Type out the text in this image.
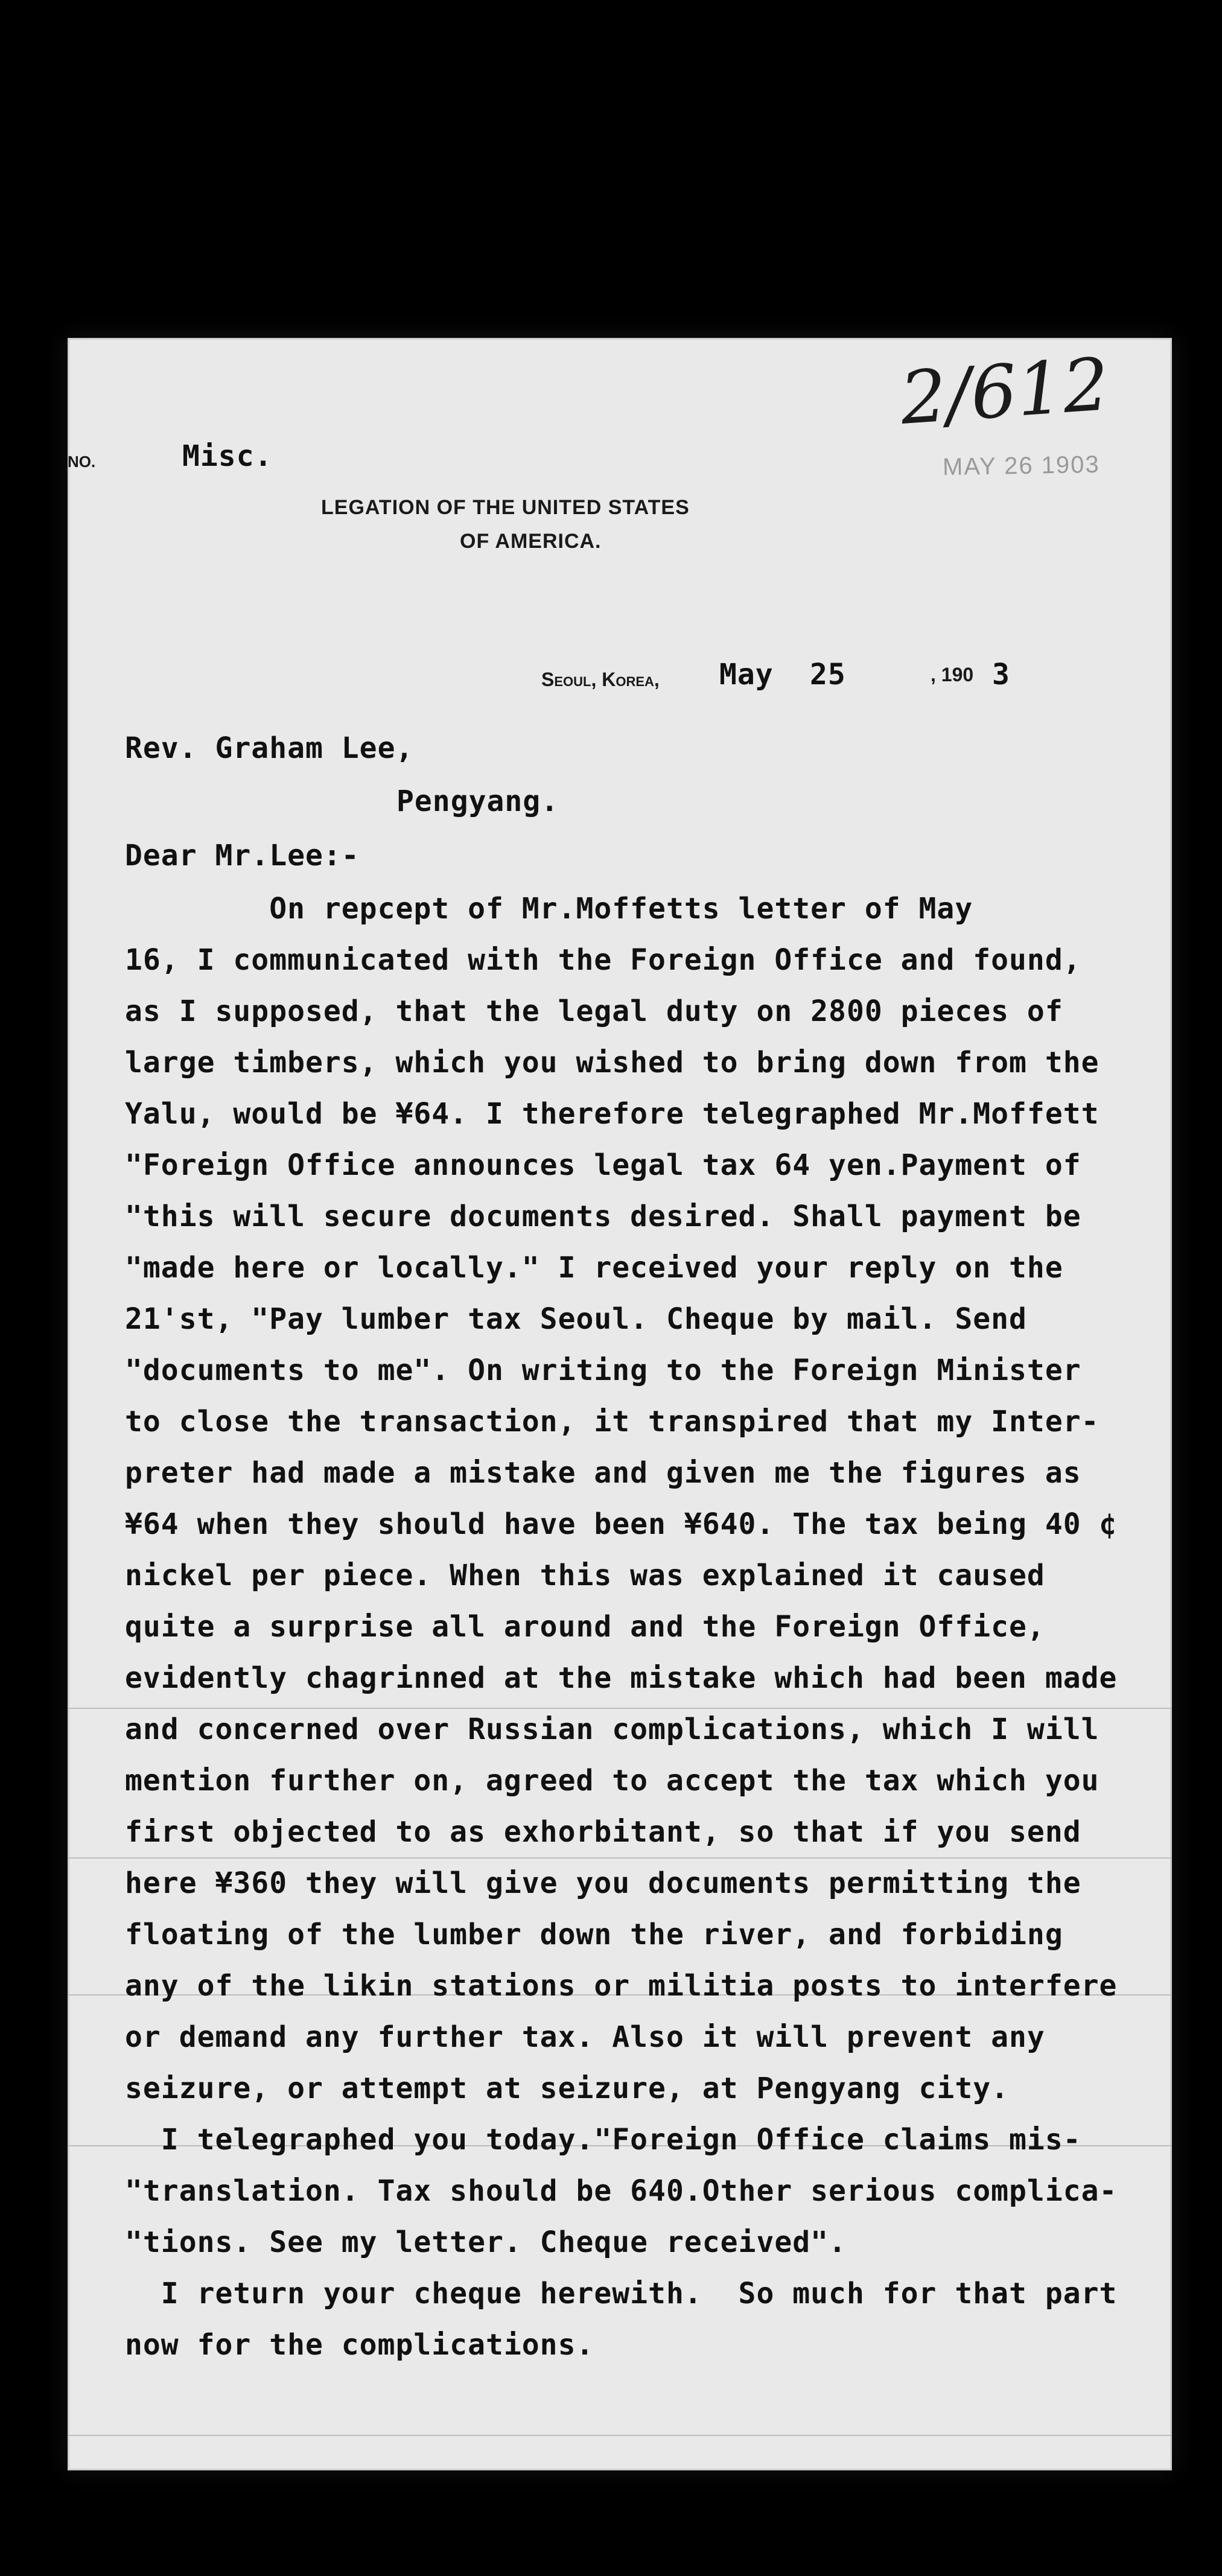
2/612
MAY 26 1903
NO.	Misc.
LEGATION OF THE UNITED STATES
OF AMERICA.
Seoul, Korea, May 25	, 190 3
Rev. Graham Lee,
Pengyang.
Dear Mr.Lee:-
On repcept of Mr.Moffetts letter of May
16, I communicated with the Foreign Office and found,
as I supposed, that the legal duty on 2800 pieces of
large timbers, which you wished to bring down from the
Yalu, would be ¥64. I therefore telegraphed Mr.Moffett
"Foreign Office announces legal tax 64 yen.Payment of
"this will secure documents desired. Shall payment be
"made here or locally." I received your reply on the
21'st, "Pay lumber tax Seoul. Cheque by mail. Send
"documents to me". On writing to the Foreign Minister
to close the transaction, it transpired that my Inter-
preter had made a mistake and given me the figures as
¥64 when they should have been ¥640. The tax being 40 ¢
nickel per piece. When this was explained it caused
quite a surprise all around and the Foreign Office,
evidently chagrinned at the mistake which had been made
and concerned over Russian complications, which I will
mention further on, agreed to accept the tax which you
first objected to as exhorbitant, so that if you send
here ¥360 they will give you documents permitting the
floating of the lumber down the river, and forbiding
any of the likin stations or militia posts to interfere
or demand any further tax. Also it will prevent any
seizure, or attempt at seizure, at Pengyang city.
I telegraphed you today."Foreign Office claims mis-
"translation. Tax should be 640.Other serious complica-
"tions. See my letter. Cheque received".
I return your cheque herewith.  So much for that part
now for the complications.
